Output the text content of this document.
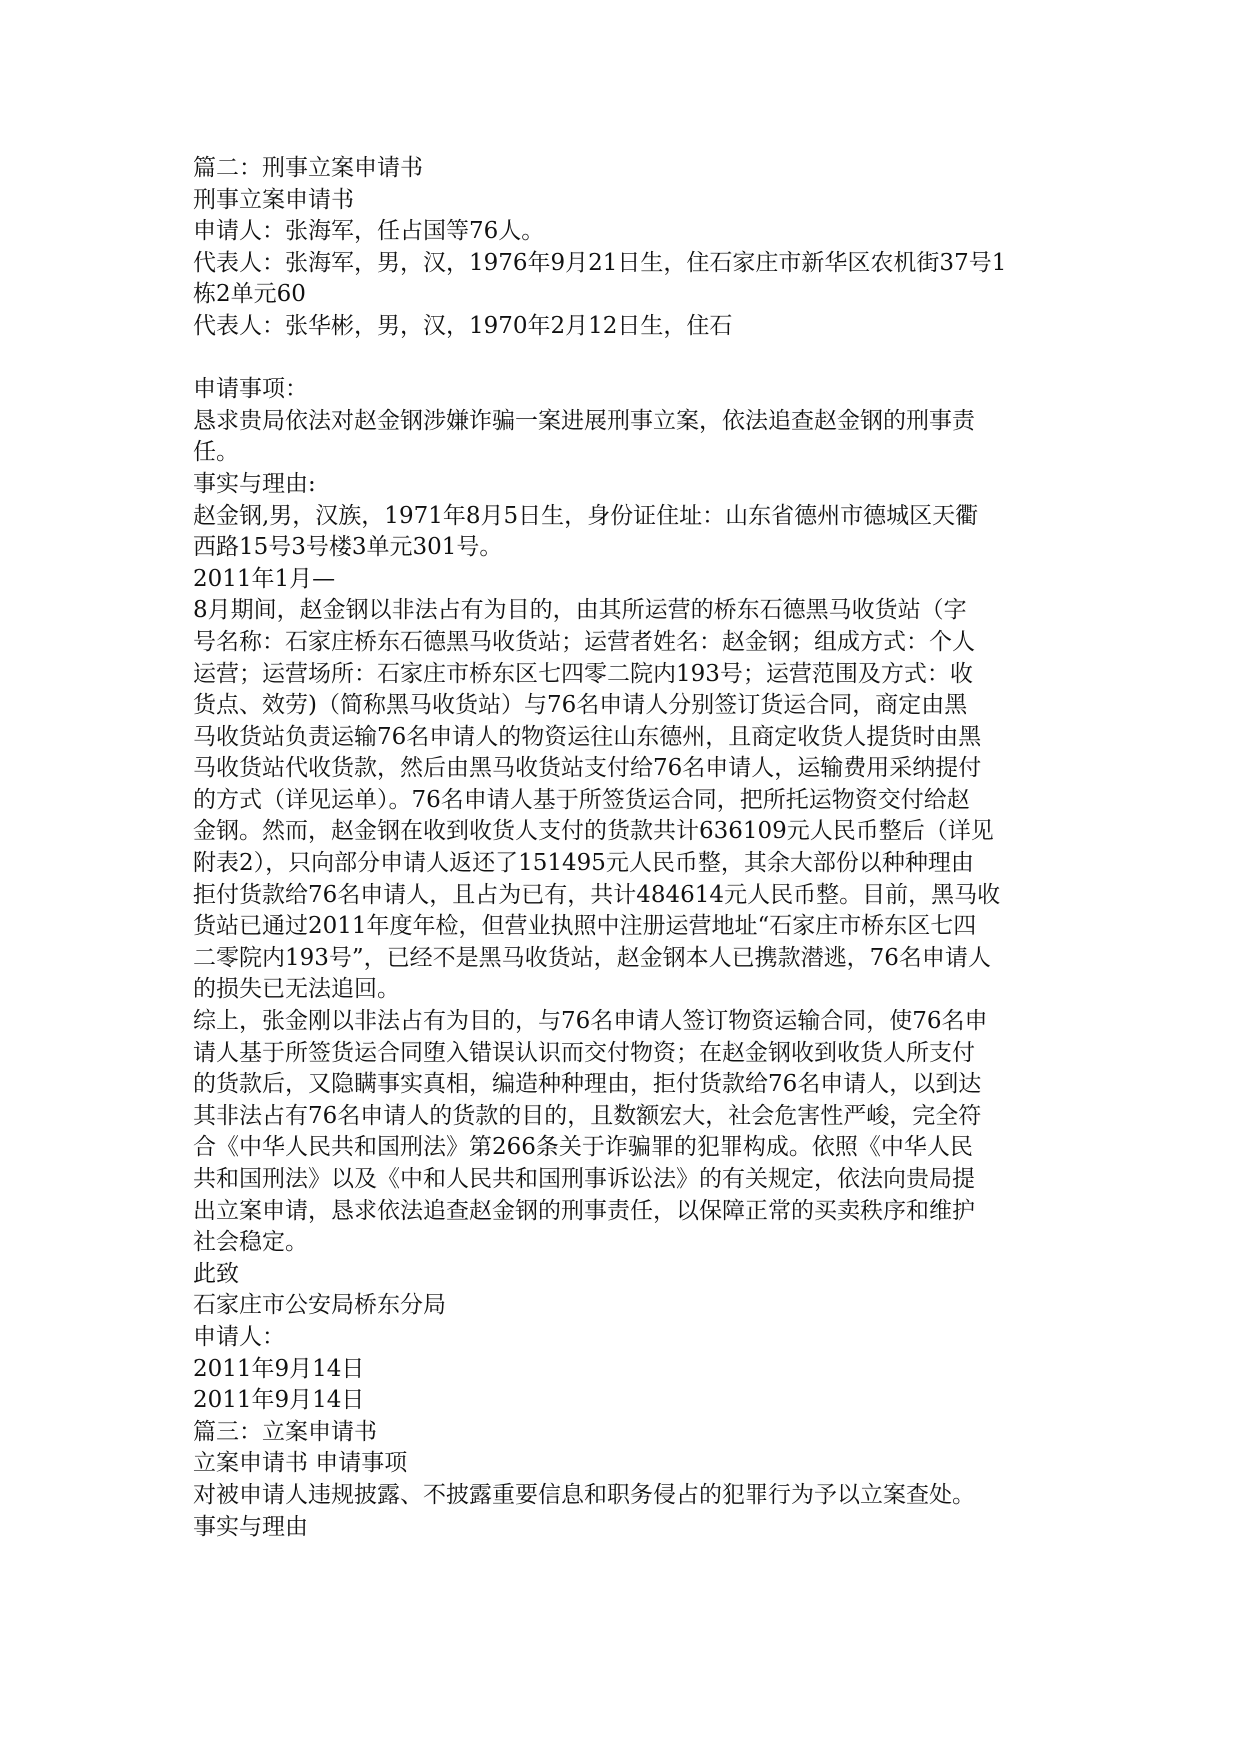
篇二：刑事立案申请书

刑事立案申请书

申请人：张海军，任占国等76人。

代表人：张海军，男，汉，1976年9月21日生，住石家庄市新华区农机街37号1

栋2单元60

代表人：张华彬，男，汉，1970年2月12日生，住石

申请事项：

恳求贵局依法对赵金钢涉嫌诈骗一案进展刑事立案，依法追查赵金钢的刑事责

任。

事实与理由:

赵金钢,男，汉族，1971年8月5日生，身份证住址：山东省德州市德城区天衢

西路15号3号楼3单元301号。

2011年1月—

8月期间，赵金钢以非法占有为目的，由其所运营的桥东石德黑马收货站（字

号名称：石家庄桥东石德黑马收货站；运营者姓名：赵金钢；组成方式：个人

运营；运营场所：石家庄市桥东区七四零二院内193号；运营范围及方式：收

货点、效劳)（简称黑马收货站）与76名申请人分别签订货运合同，商定由黑

马收货站负责运输76名申请人的物资运往山东德州，且商定收货人提货时由黑

马收货站代收货款，然后由黑马收货站支付给76名申请人，运输费用采纳提付

的方式（详见运单）。76名申请人基于所签货运合同，把所托运物资交付给赵

金钢。然而，赵金钢在收到收货人支付的货款共计636109元人民币整后（详见

附表2），只向部分申请人返还了151495元人民币整，其余大部份以种种理由

拒付货款给76名申请人，且占为已有，共计484614元人民币整。目前，黑马收

货站已通过2011年度年检，但营业执照中注册运营地址“石家庄市桥东区七四

二零院内193号”，已经不是黑马收货站，赵金钢本人已携款潜逃，76名申请人

的损失已无法追回。

综上，张金刚以非法占有为目的，与76名申请人签订物资运输合同，使76名申

请人基于所签货运合同堕入错误认识而交付物资；在赵金钢收到收货人所支付

的货款后，又隐瞒事实真相，编造种种理由，拒付货款给76名申请人，以到达

其非法占有76名申请人的货款的目的，且数额宏大，社会危害性严峻，完全符

合《中华人民共和国刑法》第266条关于诈骗罪的犯罪构成。依照《中华人民

共和国刑法》以及《中和人民共和国刑事诉讼法》的有关规定，依法向贵局提

出立案申请，恳求依法追查赵金钢的刑事责任，以保障正常的买卖秩序和维护

社会稳定。

此致

石家庄市公安局桥东分局

申请人：

2011年9月14日

2011年9月14日

篇三：立案申请书

立案申请书 申请事项

对被申请人违规披露、不披露重要信息和职务侵占的犯罪行为予以立案查处。

事实与理由
